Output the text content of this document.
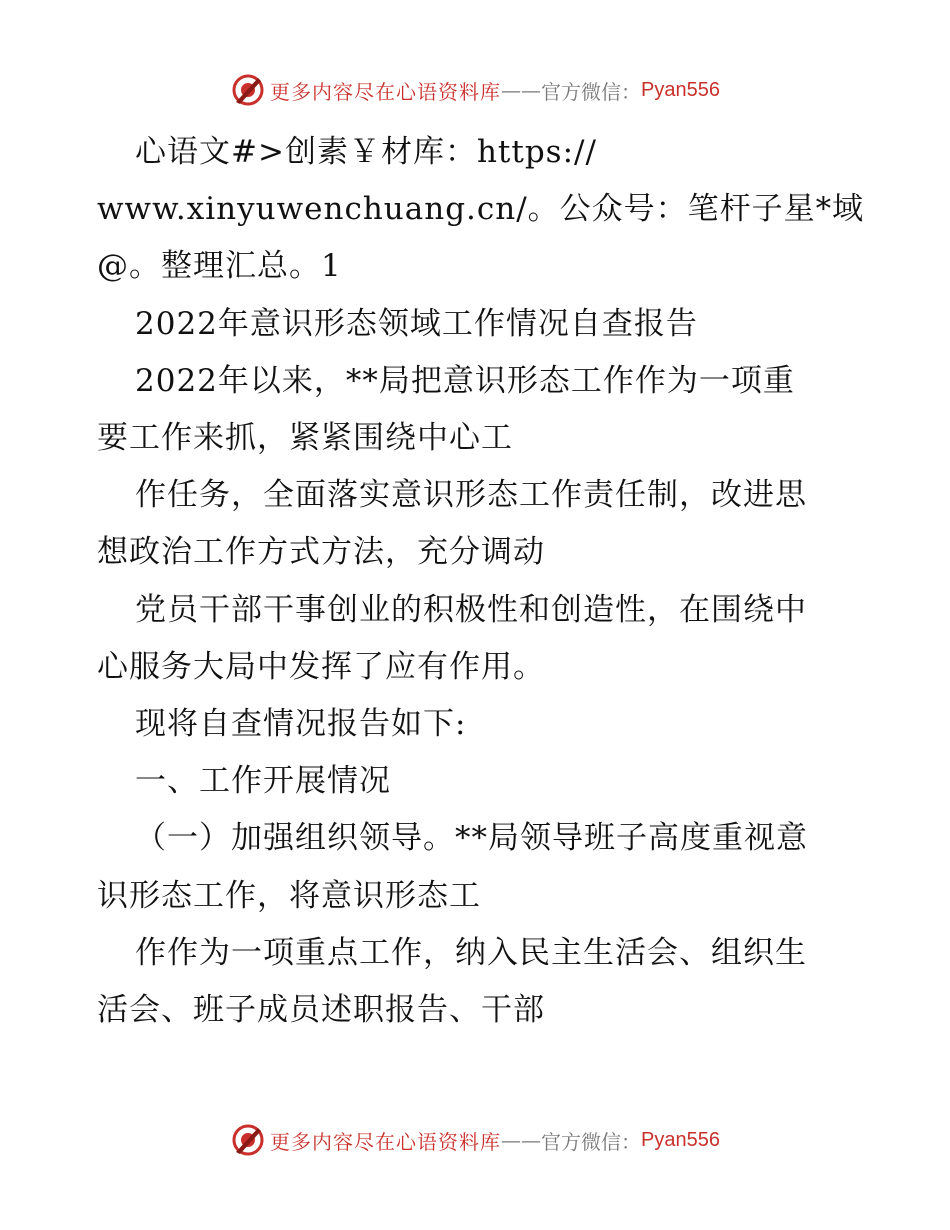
更多内容尽在心语资料库 —— 官方微信： Pyan556

心语文#>创素￥材库：https://

www.xinyuwenchuang.cn/。公众号：笔杆子星*域

@。整理汇总。1

2022年意识形态领域工作情况自查报告

2022年以来，**局把意识形态工作作为一项重

要工作来抓，紧紧围绕中心工

作任务，全面落实意识形态工作责任制，改进思

想政治工作方式方法，充分调动

党员干部干事创业的积极性和创造性，在围绕中

心服务大局中发挥了应有作用。

现将自查情况报告如下:

一、工作开展情况

（一）加强组织领导。**局领导班子高度重视意

识形态工作，将意识形态工

作作为一项重点工作，纳入民主生活会、组织生

活会、班子成员述职报告、干部

更多内容尽在心语资料库 —— 官方微信： Pyan556
